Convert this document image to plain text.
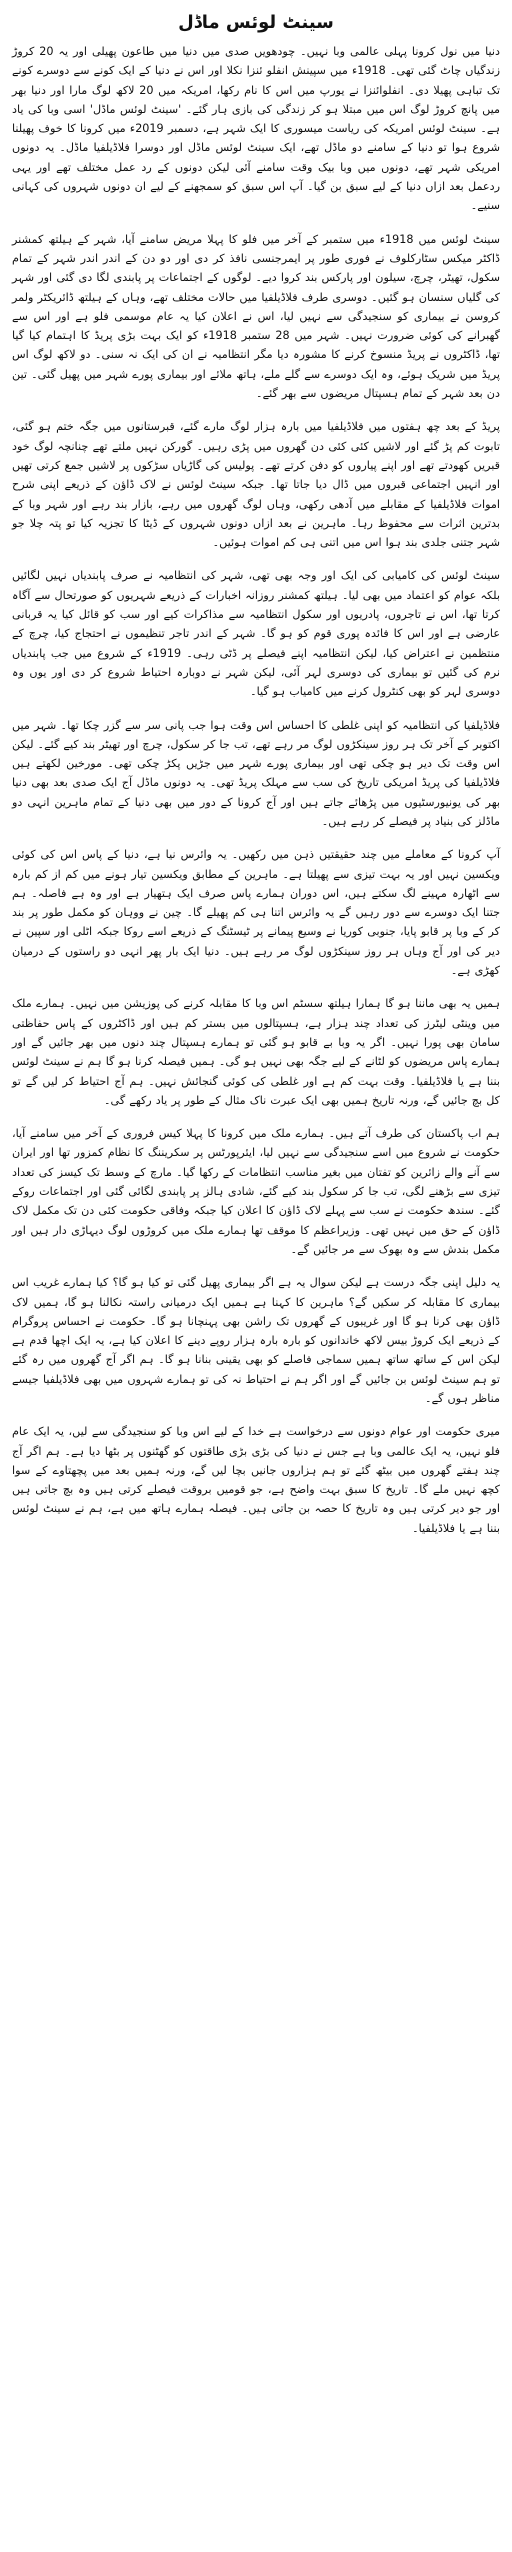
سینٹ لوئس ماڈل

دنیا میں نول کرونا پہلی عالمی وبا نہیں۔ چودھویں صدی میں دنیا میں طاعون پھیلی اور یہ 20 کروڑ زندگیاں چاٹ گئی تھی۔ 1918ء میں سپینش انفلو ئنزا نکلا اور اس نے دنیا کے ایک کونے سے دوسرے کونے تک تباہی پھیلا دی۔ انفلوائنزا نے یورپ میں اس کا نام رکھا، امریکہ میں 20 لاکھ لوگ مارا اور دنیا بھر میں پانچ کروڑ لوگ اس میں مبتلا ہو کر زندگی کی بازی ہار گئے۔ 'سینٹ لوئس ماڈل' اسی وبا کی یاد ہے۔ سینٹ لوئس امریکہ کی ریاست میسوری کا ایک شہر ہے، دسمبر 2019ء میں کرونا کا خوف پھیلنا شروع ہوا تو دنیا کے سامنے دو ماڈل تھے، ایک سینٹ لوئس ماڈل اور دوسرا فلاڈیلفیا ماڈل۔ یہ دونوں امریکی شہر تھے، دونوں میں وبا بیک وقت سامنے آئی لیکن دونوں کے رد عمل مختلف تھے اور یہی ردعمل بعد ازاں دنیا کے لیے سبق بن گیا۔ آپ اس سبق کو سمجھنے کے لیے ان دونوں شہروں کی کہانی سنیے۔

سینٹ لوئس میں 1918ء میں ستمبر کے آخر میں فلو کا پہلا مریض سامنے آیا، شہر کے ہیلتھ کمشنر ڈاکٹر میکس سٹارکلوف نے فوری طور پر ایمرجنسی نافذ کر دی اور دو دن کے اندر اندر شہر کے تمام سکول، تھیٹر، چرچ، سیلون اور پارکس بند کروا دیے۔ لوگوں کے اجتماعات پر پابندی لگا دی گئی اور شہر کی گلیاں سنسان ہو گئیں۔ دوسری طرف فلاڈیلفیا میں حالات مختلف تھے، وہاں کے ہیلتھ ڈائریکٹر ولمر کروسن نے بیماری کو سنجیدگی سے نہیں لیا، اس نے اعلان کیا یہ عام موسمی فلو ہے اور اس سے گھبرانے کی کوئی ضرورت نہیں۔ شہر میں 28 ستمبر 1918ء کو ایک بہت بڑی پریڈ کا اہتمام کیا گیا تھا، ڈاکٹروں نے پریڈ منسوخ کرنے کا مشورہ دیا مگر انتظامیہ نے ان کی ایک نہ سنی۔ دو لاکھ لوگ اس پریڈ میں شریک ہوئے، وہ ایک دوسرے سے گلے ملے، ہاتھ ملائے اور بیماری پورے شہر میں پھیل گئی۔ تین دن بعد شہر کے تمام ہسپتال مریضوں سے بھر گئے۔

پریڈ کے بعد چھ ہفتوں میں فلاڈیلفیا میں بارہ ہزار لوگ مارے گئے، قبرستانوں میں جگہ ختم ہو گئی، تابوت کم پڑ گئے اور لاشیں کئی کئی دن گھروں میں پڑی رہیں۔ گورکن نہیں ملتے تھے چنانچہ لوگ خود قبریں کھودتے تھے اور اپنے پیاروں کو دفن کرتے تھے۔ پولیس کی گاڑیاں سڑکوں پر لاشیں جمع کرتی تھیں اور انہیں اجتماعی قبروں میں ڈال دیا جاتا تھا۔ جبکہ سینٹ لوئس نے لاک ڈاؤن کے ذریعے اپنی شرح اموات فلاڈیلفیا کے مقابلے میں آدھی رکھی، وہاں لوگ گھروں میں رہے، بازار بند رہے اور شہر وبا کے بدترین اثرات سے محفوظ رہا۔ ماہرین نے بعد ازاں دونوں شہروں کے ڈیٹا کا تجزیہ کیا تو پتہ چلا جو شہر جتنی جلدی بند ہوا اس میں اتنی ہی کم اموات ہوئیں۔

سینٹ لوئس کی کامیابی کی ایک اور وجہ بھی تھی، شہر کی انتظامیہ نے صرف پابندیاں نہیں لگائیں بلکہ عوام کو اعتماد میں بھی لیا۔ ہیلتھ کمشنر روزانہ اخبارات کے ذریعے شہریوں کو صورتحال سے آگاہ کرتا تھا، اس نے تاجروں، پادریوں اور سکول انتظامیہ سے مذاکرات کیے اور سب کو قائل کیا یہ قربانی عارضی ہے اور اس کا فائدہ پوری قوم کو ہو گا۔ شہر کے اندر تاجر تنظیموں نے احتجاج کیا، چرچ کے منتظمین نے اعتراض کیا، لیکن انتظامیہ اپنے فیصلے پر ڈٹی رہی۔ 1919ء کے شروع میں جب پابندیاں نرم کی گئیں تو بیماری کی دوسری لہر آئی، لیکن شہر نے دوبارہ احتیاط شروع کر دی اور یوں وہ دوسری لہر کو بھی کنٹرول کرنے میں کامیاب ہو گیا۔

فلاڈیلفیا کی انتظامیہ کو اپنی غلطی کا احساس اس وقت ہوا جب پانی سر سے گزر چکا تھا۔ شہر میں اکتوبر کے آخر تک ہر روز سینکڑوں لوگ مر رہے تھے، تب جا کر سکول، چرچ اور تھیٹر بند کیے گئے۔ لیکن اس وقت تک دیر ہو چکی تھی اور بیماری پورے شہر میں جڑیں پکڑ چکی تھی۔ مورخین لکھتے ہیں فلاڈیلفیا کی پریڈ امریکی تاریخ کی سب سے مہلک پریڈ تھی۔ یہ دونوں ماڈل آج ایک صدی بعد بھی دنیا بھر کی یونیورسٹیوں میں پڑھائے جاتے ہیں اور آج کرونا کے دور میں بھی دنیا کے تمام ماہرین انہی دو ماڈلز کی بنیاد پر فیصلے کر رہے ہیں۔

آپ کرونا کے معاملے میں چند حقیقتیں ذہن میں رکھیں۔ یہ وائرس نیا ہے، دنیا کے پاس اس کی کوئی ویکسین نہیں اور یہ بہت تیزی سے پھیلتا ہے۔ ماہرین کے مطابق ویکسین تیار ہونے میں کم از کم بارہ سے اٹھارہ مہینے لگ سکتے ہیں، اس دوران ہمارے پاس صرف ایک ہتھیار ہے اور وہ ہے فاصلہ۔ ہم جتنا ایک دوسرے سے دور رہیں گے یہ وائرس اتنا ہی کم پھیلے گا۔ چین نے ووہان کو مکمل طور پر بند کر کے وبا پر قابو پایا، جنوبی کوریا نے وسیع پیمانے پر ٹیسٹنگ کے ذریعے اسے روکا جبکہ اٹلی اور سپین نے دیر کی اور آج وہاں ہر روز سینکڑوں لوگ مر رہے ہیں۔ دنیا ایک بار پھر انہی دو راستوں کے درمیان کھڑی ہے۔

ہمیں یہ بھی ماننا ہو گا ہمارا ہیلتھ سسٹم اس وبا کا مقابلہ کرنے کی پوزیشن میں نہیں۔ ہمارے ملک میں وینٹی لیٹرز کی تعداد چند ہزار ہے، ہسپتالوں میں بستر کم ہیں اور ڈاکٹروں کے پاس حفاظتی سامان بھی پورا نہیں۔ اگر یہ وبا بے قابو ہو گئی تو ہمارے ہسپتال چند دنوں میں بھر جائیں گے اور ہمارے پاس مریضوں کو لٹانے کے لیے جگہ بھی نہیں ہو گی۔ ہمیں فیصلہ کرنا ہو گا ہم نے سینٹ لوئس بننا ہے یا فلاڈیلفیا۔ وقت بہت کم ہے اور غلطی کی کوئی گنجائش نہیں۔ ہم آج احتیاط کر لیں گے تو کل بچ جائیں گے، ورنہ تاریخ ہمیں بھی ایک عبرت ناک مثال کے طور پر یاد رکھے گی۔

ہم اب پاکستان کی طرف آتے ہیں۔ ہمارے ملک میں کرونا کا پہلا کیس فروری کے آخر میں سامنے آیا، حکومت نے شروع میں اسے سنجیدگی سے نہیں لیا، ایئرپورٹس پر سکریننگ کا نظام کمزور تھا اور ایران سے آنے والے زائرین کو تفتان میں بغیر مناسب انتظامات کے رکھا گیا۔ مارچ کے وسط تک کیسز کی تعداد تیزی سے بڑھنے لگی، تب جا کر سکول بند کیے گئے، شادی ہالز پر پابندی لگائی گئی اور اجتماعات روکے گئے۔ سندھ حکومت نے سب سے پہلے لاک ڈاؤن کا اعلان کیا جبکہ وفاقی حکومت کئی دن تک مکمل لاک ڈاؤن کے حق میں نہیں تھی۔ وزیراعظم کا موقف تھا ہمارے ملک میں کروڑوں لوگ دیہاڑی دار ہیں اور مکمل بندش سے وہ بھوک سے مر جائیں گے۔

یہ دلیل اپنی جگہ درست ہے لیکن سوال یہ ہے اگر بیماری پھیل گئی تو کیا ہو گا؟ کیا ہمارے غریب اس بیماری کا مقابلہ کر سکیں گے؟ ماہرین کا کہنا ہے ہمیں ایک درمیانی راستہ نکالنا ہو گا، ہمیں لاک ڈاؤن بھی کرنا ہو گا اور غریبوں کے گھروں تک راشن بھی پہنچانا ہو گا۔ حکومت نے احساس پروگرام کے ذریعے ایک کروڑ بیس لاکھ خاندانوں کو بارہ بارہ ہزار روپے دینے کا اعلان کیا ہے، یہ ایک اچھا قدم ہے لیکن اس کے ساتھ ساتھ ہمیں سماجی فاصلے کو بھی یقینی بنانا ہو گا۔ ہم اگر آج گھروں میں رہ گئے تو ہم سینٹ لوئس بن جائیں گے اور اگر ہم نے احتیاط نہ کی تو ہمارے شہروں میں بھی فلاڈیلفیا جیسے مناظر ہوں گے۔

میری حکومت اور عوام دونوں سے درخواست ہے خدا کے لیے اس وبا کو سنجیدگی سے لیں، یہ ایک عام فلو نہیں، یہ ایک عالمی وبا ہے جس نے دنیا کی بڑی بڑی طاقتوں کو گھٹنوں پر بٹھا دیا ہے۔ ہم اگر آج چند ہفتے گھروں میں بیٹھ گئے تو ہم ہزاروں جانیں بچا لیں گے، ورنہ ہمیں بعد میں پچھتاوے کے سوا کچھ نہیں ملے گا۔ تاریخ کا سبق بہت واضح ہے، جو قومیں بروقت فیصلے کرتی ہیں وہ بچ جاتی ہیں اور جو دیر کرتی ہیں وہ تاریخ کا حصہ بن جاتی ہیں۔ فیصلہ ہمارے ہاتھ میں ہے، ہم نے سینٹ لوئس بننا ہے یا فلاڈیلفیا۔
